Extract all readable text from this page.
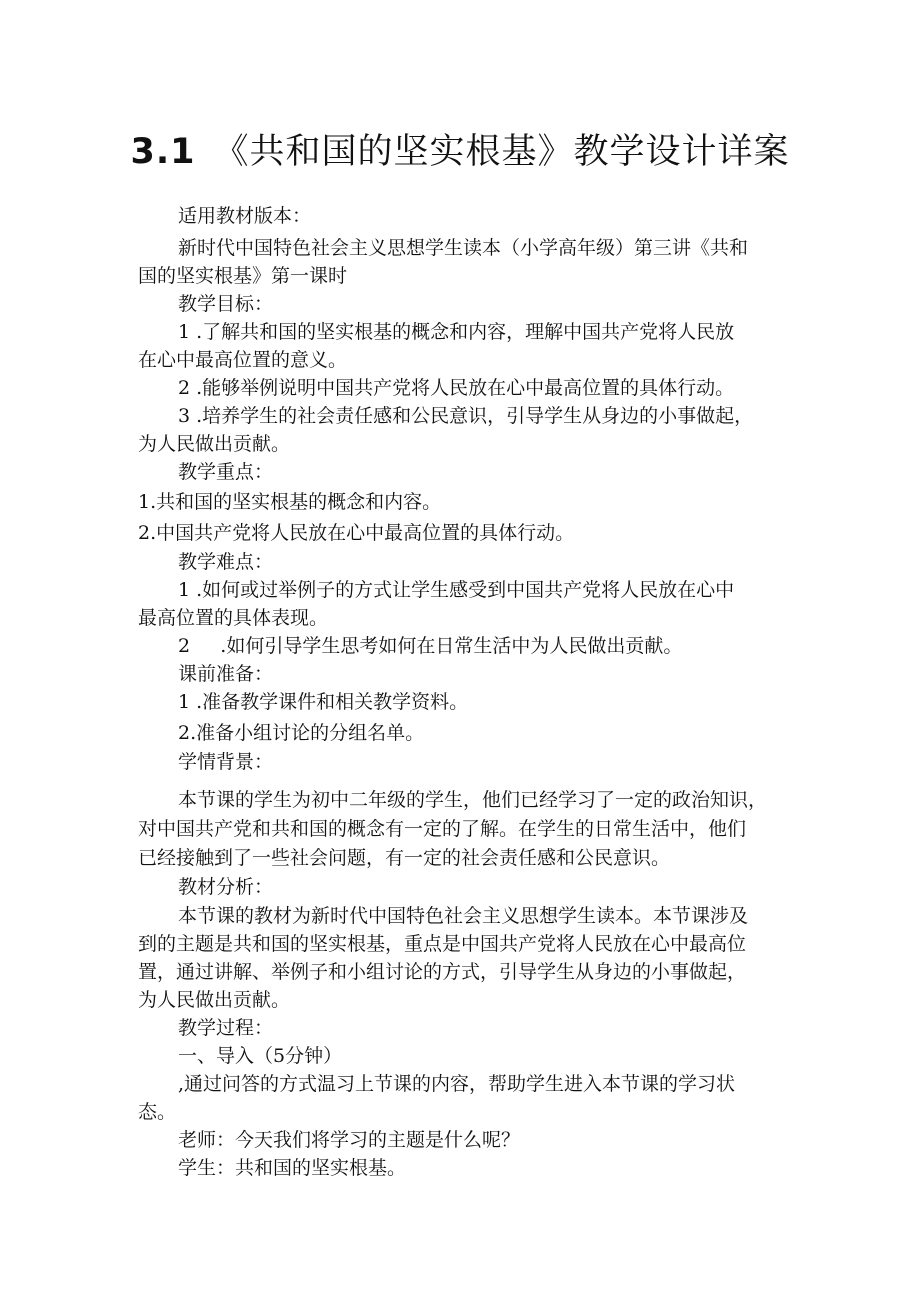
3.1 《共和国的坚实根基》教学设计详案
适用教材版本：
新时代中国特色社会主义思想学生读本（小学高年级）第三讲《共和
国的坚实根基》第一课时
教学目标：
1 .了解共和国的坚实根基的概念和内容，理解中国共产党将人民放
在心中最高位置的意义。
2 .能够举例说明中国共产党将人民放在心中最高位置的具体行动。
3 .培养学生的社会责任感和公民意识，引导学生从身边的小事做起，
为人民做出贡献。
教学重点：
1.共和国的坚实根基的概念和内容。
2.中国共产党将人民放在心中最高位置的具体行动。
教学难点：
1 .如何或过举例子的方式让学生感受到中国共产党将人民放在心中
最高位置的具体表现。
2     .如何引导学生思考如何在日常生活中为人民做出贡献。
课前准备：
1 .准备教学课件和相关教学资料。
2.准备小组讨论的分组名单。
学情背景：
本节课的学生为初中二年级的学生，他们已经学习了一定的政治知识，
对中国共产党和共和国的概念有一定的了解。在学生的日常生活中，他们
已经接触到了一些社会问题，有一定的社会责任感和公民意识。
教材分析：
本节课的教材为新时代中国特色社会主义思想学生读本。本节课涉及
到的主题是共和国的坚实根基，重点是中国共产党将人民放在心中最高位
置，通过讲解、举例子和小组讨论的方式，引导学生从身边的小事做起，
为人民做出贡献。
教学过程：
一、导入（5分钟）
,通过问答的方式温习上节课的内容，帮助学生进入本节课的学习状
态。
老师：今天我们将学习的主题是什么呢？
学生：共和国的坚实根基。
